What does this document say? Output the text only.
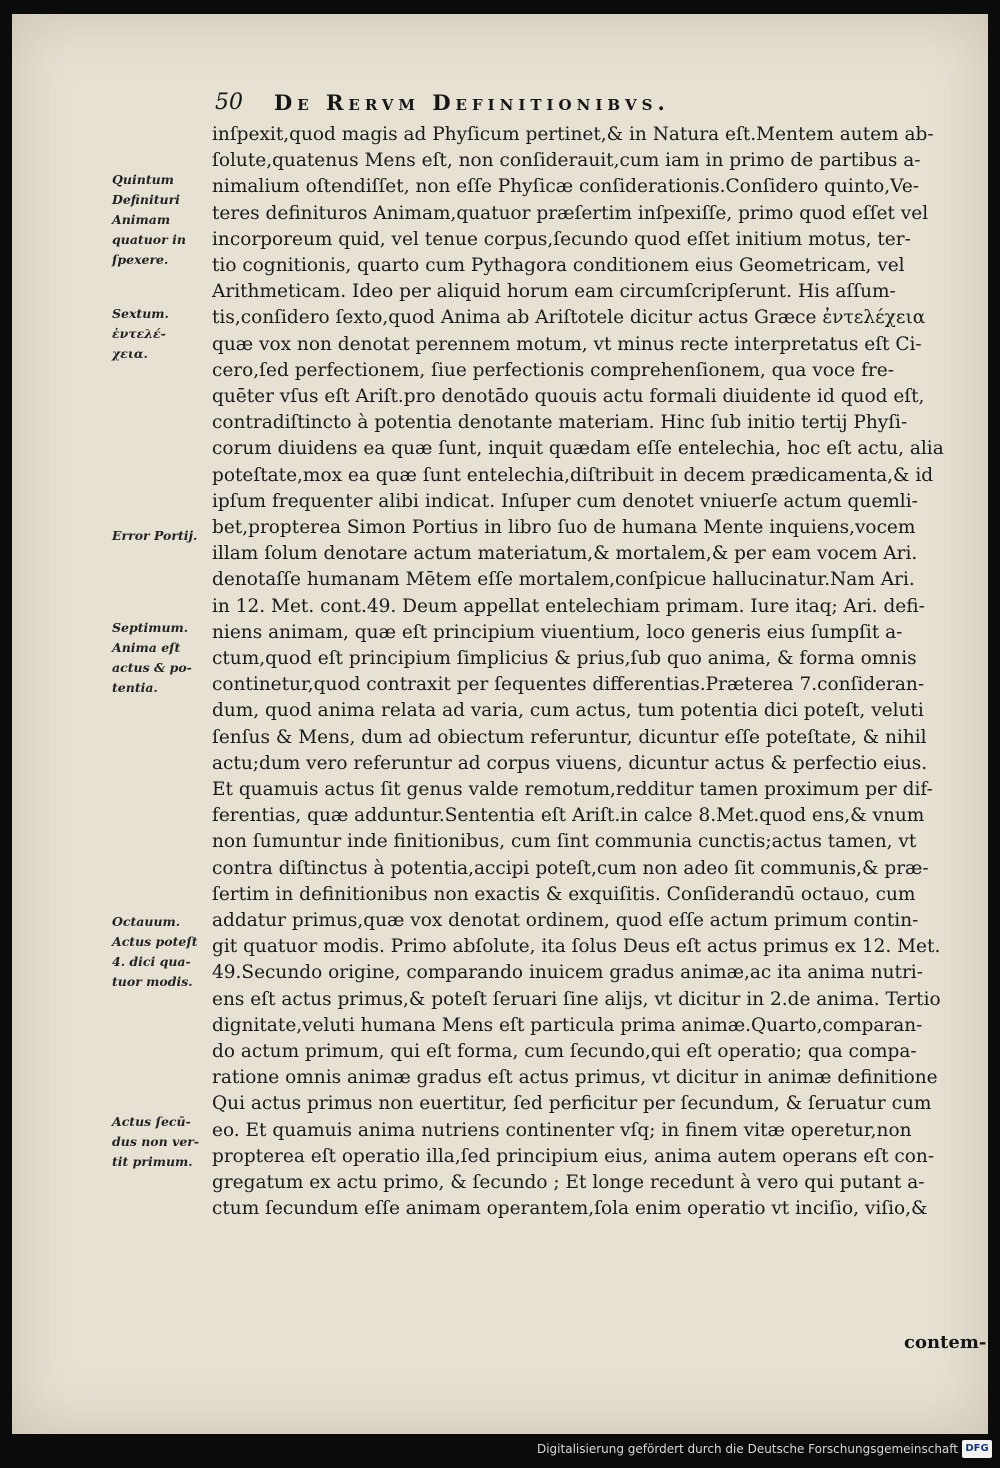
50 De Rervm Definitionibvs.
inſpexit,quod magis ad Phyſicum pertinet,& in Natura eſt.Mentem autem ab-
ſolute,quatenus Mens eſt, non conſiderauit,cum iam in primo de partibus a-
nimalium oſtendiſſet, non eſſe Phyſicæ conſiderationis.Conſidero quinto,Ve-
teres definituros Animam,quatuor præſertim inſpexiſſe, primo quod eſſet vel
incorporeum quid, vel tenue corpus,ſecundo quod eſſet initium motus, ter-
tio cognitionis, quarto cum Pythagora conditionem eius Geometricam, vel
Arithmeticam. Ideo per aliquid horum eam circumſcripſerunt. His aſſum-
tis,conſidero ſexto,quod Anima ab Ariſtotele dicitur actus Græce ἐντελέχεια
quæ vox non denotat perennem motum, vt minus recte interpretatus eſt Ci-
cero,ſed perfectionem, ſiue perfectionis comprehenſionem, qua voce fre-
quēter vſus eſt Ariſt.pro denotādo quouis actu formali diuidente id quod eſt,
contradiſtincto à potentia denotante materiam. Hinc ſub initio tertij Phyſi-
corum diuidens ea quæ ſunt, inquit quædam eſſe entelechia, hoc eſt actu, alia
poteſtate,mox ea quæ ſunt entelechia,diſtribuit in decem prædicamenta,& id
ipſum frequenter alibi indicat. Inſuper cum denotet vniuerſe actum quemli-
bet,propterea Simon Portius in libro ſuo de humana Mente inquiens,vocem
illam ſolum denotare actum materiatum,& mortalem,& per eam vocem Ari.
denotaſſe humanam Mētem eſſe mortalem,conſpicue hallucinatur.Nam Ari.
in 12. Met. cont.49. Deum appellat entelechiam primam. Iure itaq; Ari. defi-
niens animam, quæ eſt principium viuentium, loco generis eius ſumpſit a-
ctum,quod eſt principium ſimplicius & prius,ſub quo anima, & forma omnis
continetur,quod contraxit per ſequentes differentias.Præterea 7.conſideran-
dum, quod anima relata ad varia, cum actus, tum potentia dici poteſt, veluti
ſenſus & Mens, dum ad obiectum referuntur, dicuntur eſſe poteſtate, & nihil
actu;dum vero referuntur ad corpus viuens, dicuntur actus & perfectio eius.
Et quamuis actus ſit genus valde remotum,redditur tamen proximum per dif-
ferentias, quæ adduntur.Sententia eſt Ariſt.in calce 8.Met.quod ens,& vnum
non ſumuntur inde finitionibus, cum ſint communia cunctis;actus tamen, vt
contra diſtinctus à potentia,accipi poteſt,cum non adeo ſit communis,& præ-
ſertim in definitionibus non exactis & exquiſitis. Conſiderandū octauo, cum
addatur primus,quæ vox denotat ordinem, quod eſſe actum primum contin-
git quatuor modis. Primo abſolute, ita ſolus Deus eſt actus primus ex 12. Met.
49.Secundo origine, comparando inuicem gradus animæ,ac ita anima nutri-
ens eſt actus primus,& poteſt ſeruari ſine alijs, vt dicitur in 2.de anima. Tertio
dignitate,veluti humana Mens eſt particula prima animæ.Quarto,comparan-
do actum primum, qui eſt forma, cum ſecundo,qui eſt operatio; qua compa-
ratione omnis animæ gradus eſt actus primus, vt dicitur in animæ definitione
Qui actus primus non euertitur, ſed perficitur per ſecundum, & ſeruatur cum
eo. Et quamuis anima nutriens continenter vſq; in finem vitæ operetur,non
propterea eſt operatio illa,ſed principium eius, anima autem operans eſt con-
gregatum ex actu primo, & ſecundo ; Et longe recedunt à vero qui putant a-
ctum ſecundum eſſe animam operantem,ſola enim operatio vt inciſio, viſio,&
Quintum
Definituri
Animam
quatuor in
ſpexere.
Sextum.
ἐντελέ-
χεια.
Error Portij.
Septimum.
Anima eſt
actus & po-
tentia.
Octauum.
Actus poteſt
4. dici qua-
tuor modis.
Actus ſecū-
dus non ver-
tit primum.
contem-
Digitalisierung gefördert durch die Deutsche Forschungsgemeinschaft DFG
